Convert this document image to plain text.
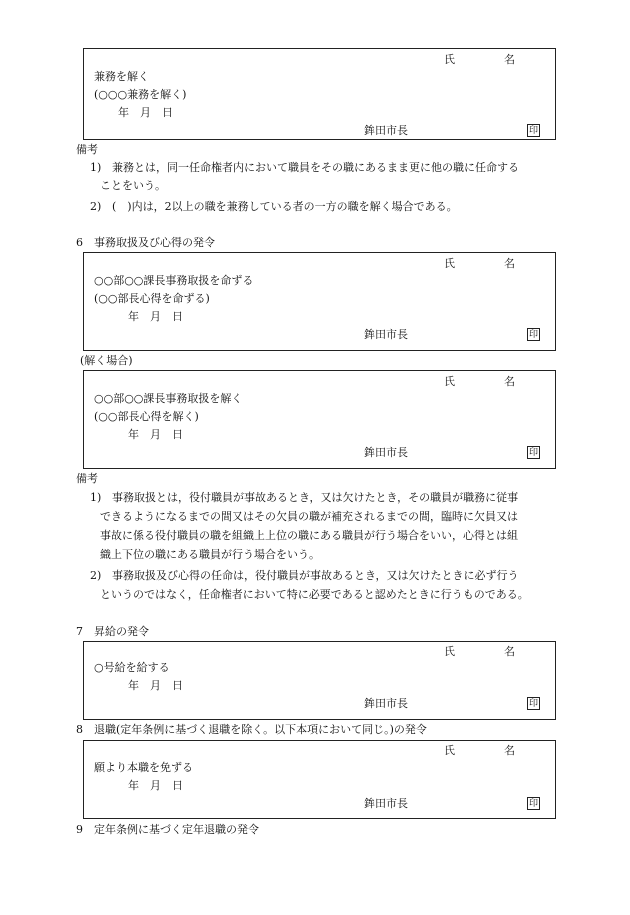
氏	名
兼務を解く
(○○○兼務を解く)
年　月　日
鉾田市長	印
備考
1) 兼務とは，同一任命権者内において職員をその職にあるまま更に他の職に任命する
ことをいう。
2) (　)内は，2以上の職を兼務している者の一方の職を解く場合である。
6　事務取扱及び心得の発令
氏	名
○○部○○課長事務取扱を命ずる
(○○部長心得を命ずる)
年　月　日
鉾田市長	印
(解く場合)
氏	名
○○部○○課長事務取扱を解く
(○○部長心得を解く)
年　月　日
鉾田市長	印
備考
1) 事務取扱とは，役付職員が事故あるとき，又は欠けたとき，その職員が職務に従事
できるようになるまでの間又はその欠員の職が補充されるまでの間，臨時に欠員又は
事故に係る役付職員の職を組織上上位の職にある職員が行う場合をいい，心得とは組
織上下位の職にある職員が行う場合をいう。
2) 事務取扱及び心得の任命は，役付職員が事故あるとき，又は欠けたときに必ず行う
というのではなく，任命権者において特に必要であると認めたときに行うものである。
7　昇給の発令
氏	名
○号給を給する
年　月　日
鉾田市長	印
8　退職(定年条例に基づく退職を除く。以下本項において同じ。)の発令
氏	名
願より本職を免ずる
年　月　日
鉾田市長	印
9　定年条例に基づく定年退職の発令
